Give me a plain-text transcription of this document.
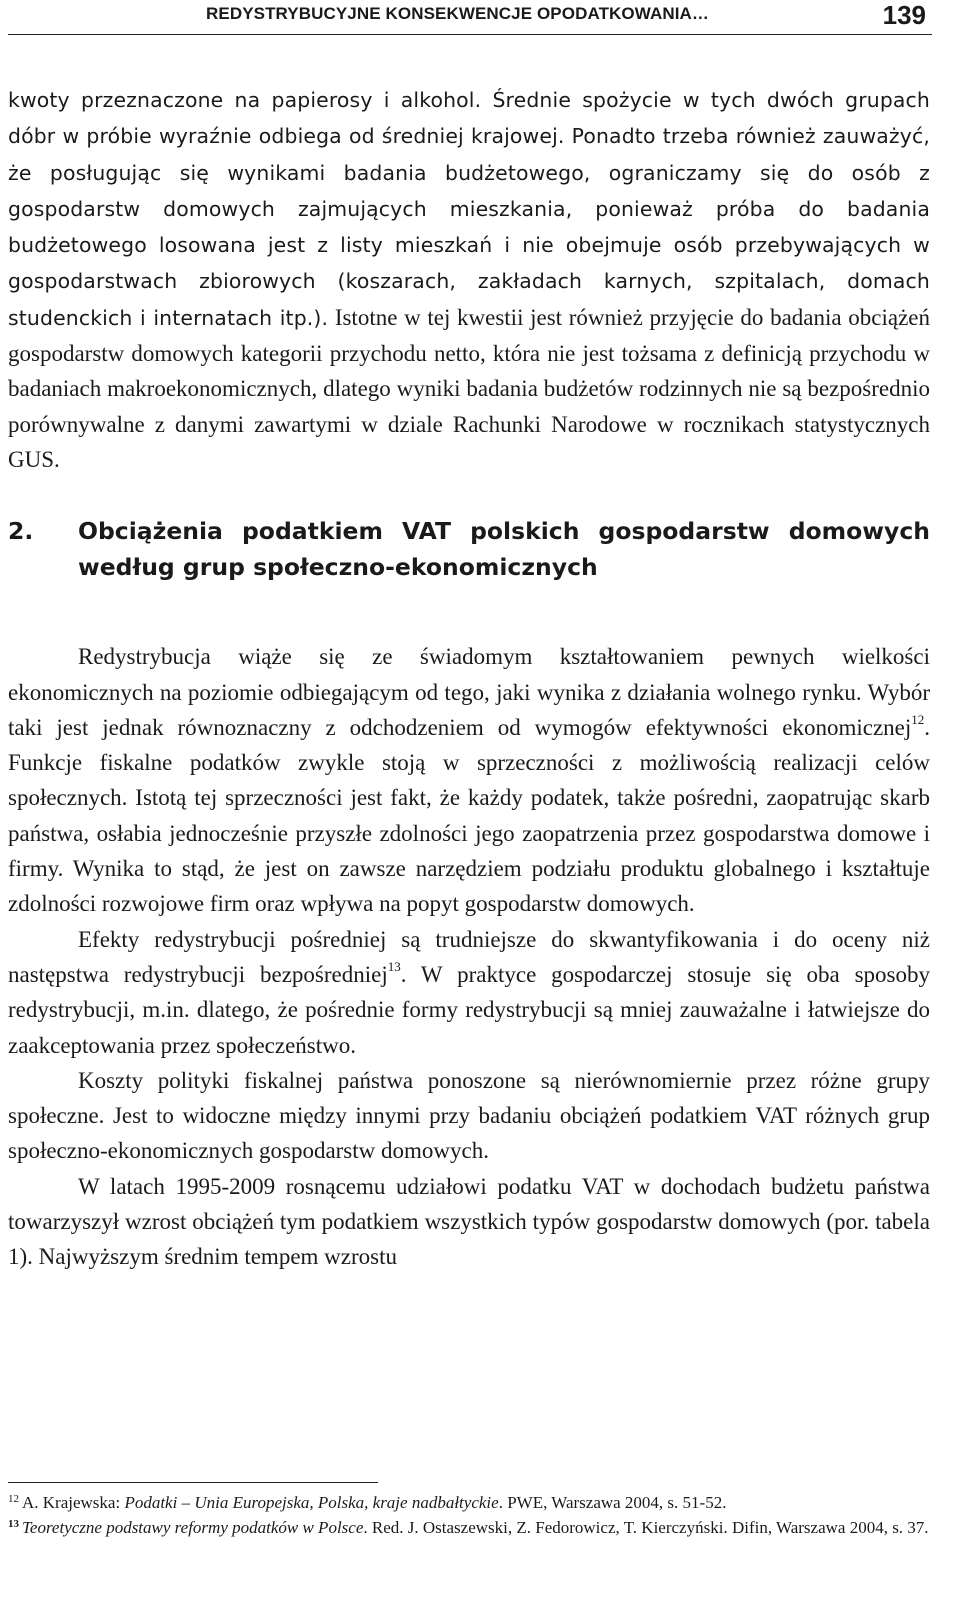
REDYSTRYBUCYJNE KONSEKWENCJE OPODATKOWANIA…	139

kwoty przeznaczone na papierosy i alkohol. Średnie spożycie w tych dwóch grupach dóbr w próbie wyraźnie odbiega od średniej krajowej. Ponadto trzeba również zauważyć, że posługując się wynikami badania budżetowego, ograniczamy się do osób z gospodarstw domowych zajmujących mieszkania, ponieważ próba do badania budżetowego losowana jest z listy mieszkań i nie obejmuje osób przebywających w gospodarstwach zbiorowych (koszarach, zakładach karnych, szpitalach, domach studenckich i internatach itp.). Istotne w tej kwestii jest również przyjęcie do badania obciążeń gospodarstw domowych kategorii przychodu netto, która nie jest tożsama z definicją przychodu w badaniach makroekonomicznych, dlatego wyniki badania budżetów rodzinnych nie są bezpośrednio porównywalne z danymi zawartymi w dziale Rachunki Narodowe w rocznikach statystycznych GUS.

2.	Obciążenia podatkiem VAT polskich gospodarstw domowych według grup społeczno-ekonomicznych

Redystrybucja wiąże się ze świadomym kształtowaniem pewnych wielkości ekonomicznych na poziomie odbiegającym od tego, jaki wynika z działania wolnego rynku. Wybór taki jest jednak równoznaczny z odchodzeniem od wymogów efektywności ekonomicznej$^{12}$. Funkcje fiskalne podatków zwykle stoją w sprzeczności z możliwością realizacji celów społecznych. Istotą tej sprzeczności jest fakt, że każdy podatek, także pośredni, zaopatrując skarb państwa, osłabia jednocześnie przyszłe zdolności jego zaopatrzenia przez gospodarstwa domowe i firmy. Wynika to stąd, że jest on zawsze narzędziem podziału produktu globalnego i kształtuje zdolności rozwojowe firm oraz wpływa na popyt gospodarstw domowych.

Efekty redystrybucji pośredniej są trudniejsze do skwantyfikowania i do oceny niż następstwa redystrybucji bezpośredniej$^{13}$. W praktyce gospodarczej stosuje się oba sposoby redystrybucji, m.in. dlatego, że pośrednie formy redystrybucji są mniej zauważalne i łatwiejsze do zaakceptowania przez społeczeństwo.

Koszty polityki fiskalnej państwa ponoszone są nierównomiernie przez różne grupy społeczne. Jest to widoczne między innymi przy badaniu obciążeń podatkiem VAT różnych grup społeczno-ekonomicznych gospodarstw domowych.

W latach 1995-2009 rosnącemu udziałowi podatku VAT w dochodach budżetu państwa towarzyszył wzrost obciążeń tym podatkiem wszystkich typów gospodarstw domowych (por. tabela 1). Najwyższym średnim tempem wzrostu

$^{12}$ A. Krajewska: Podatki – Unia Europejska, Polska, kraje nadbałtyckie. PWE, Warszawa 2004, s. 51-52.

$^{13}$ Teoretyczne podstawy reformy podatków w Polsce. Red. J. Ostaszewski, Z. Fedorowicz, T. Kierczyński. Difin, Warszawa 2004, s. 37.
